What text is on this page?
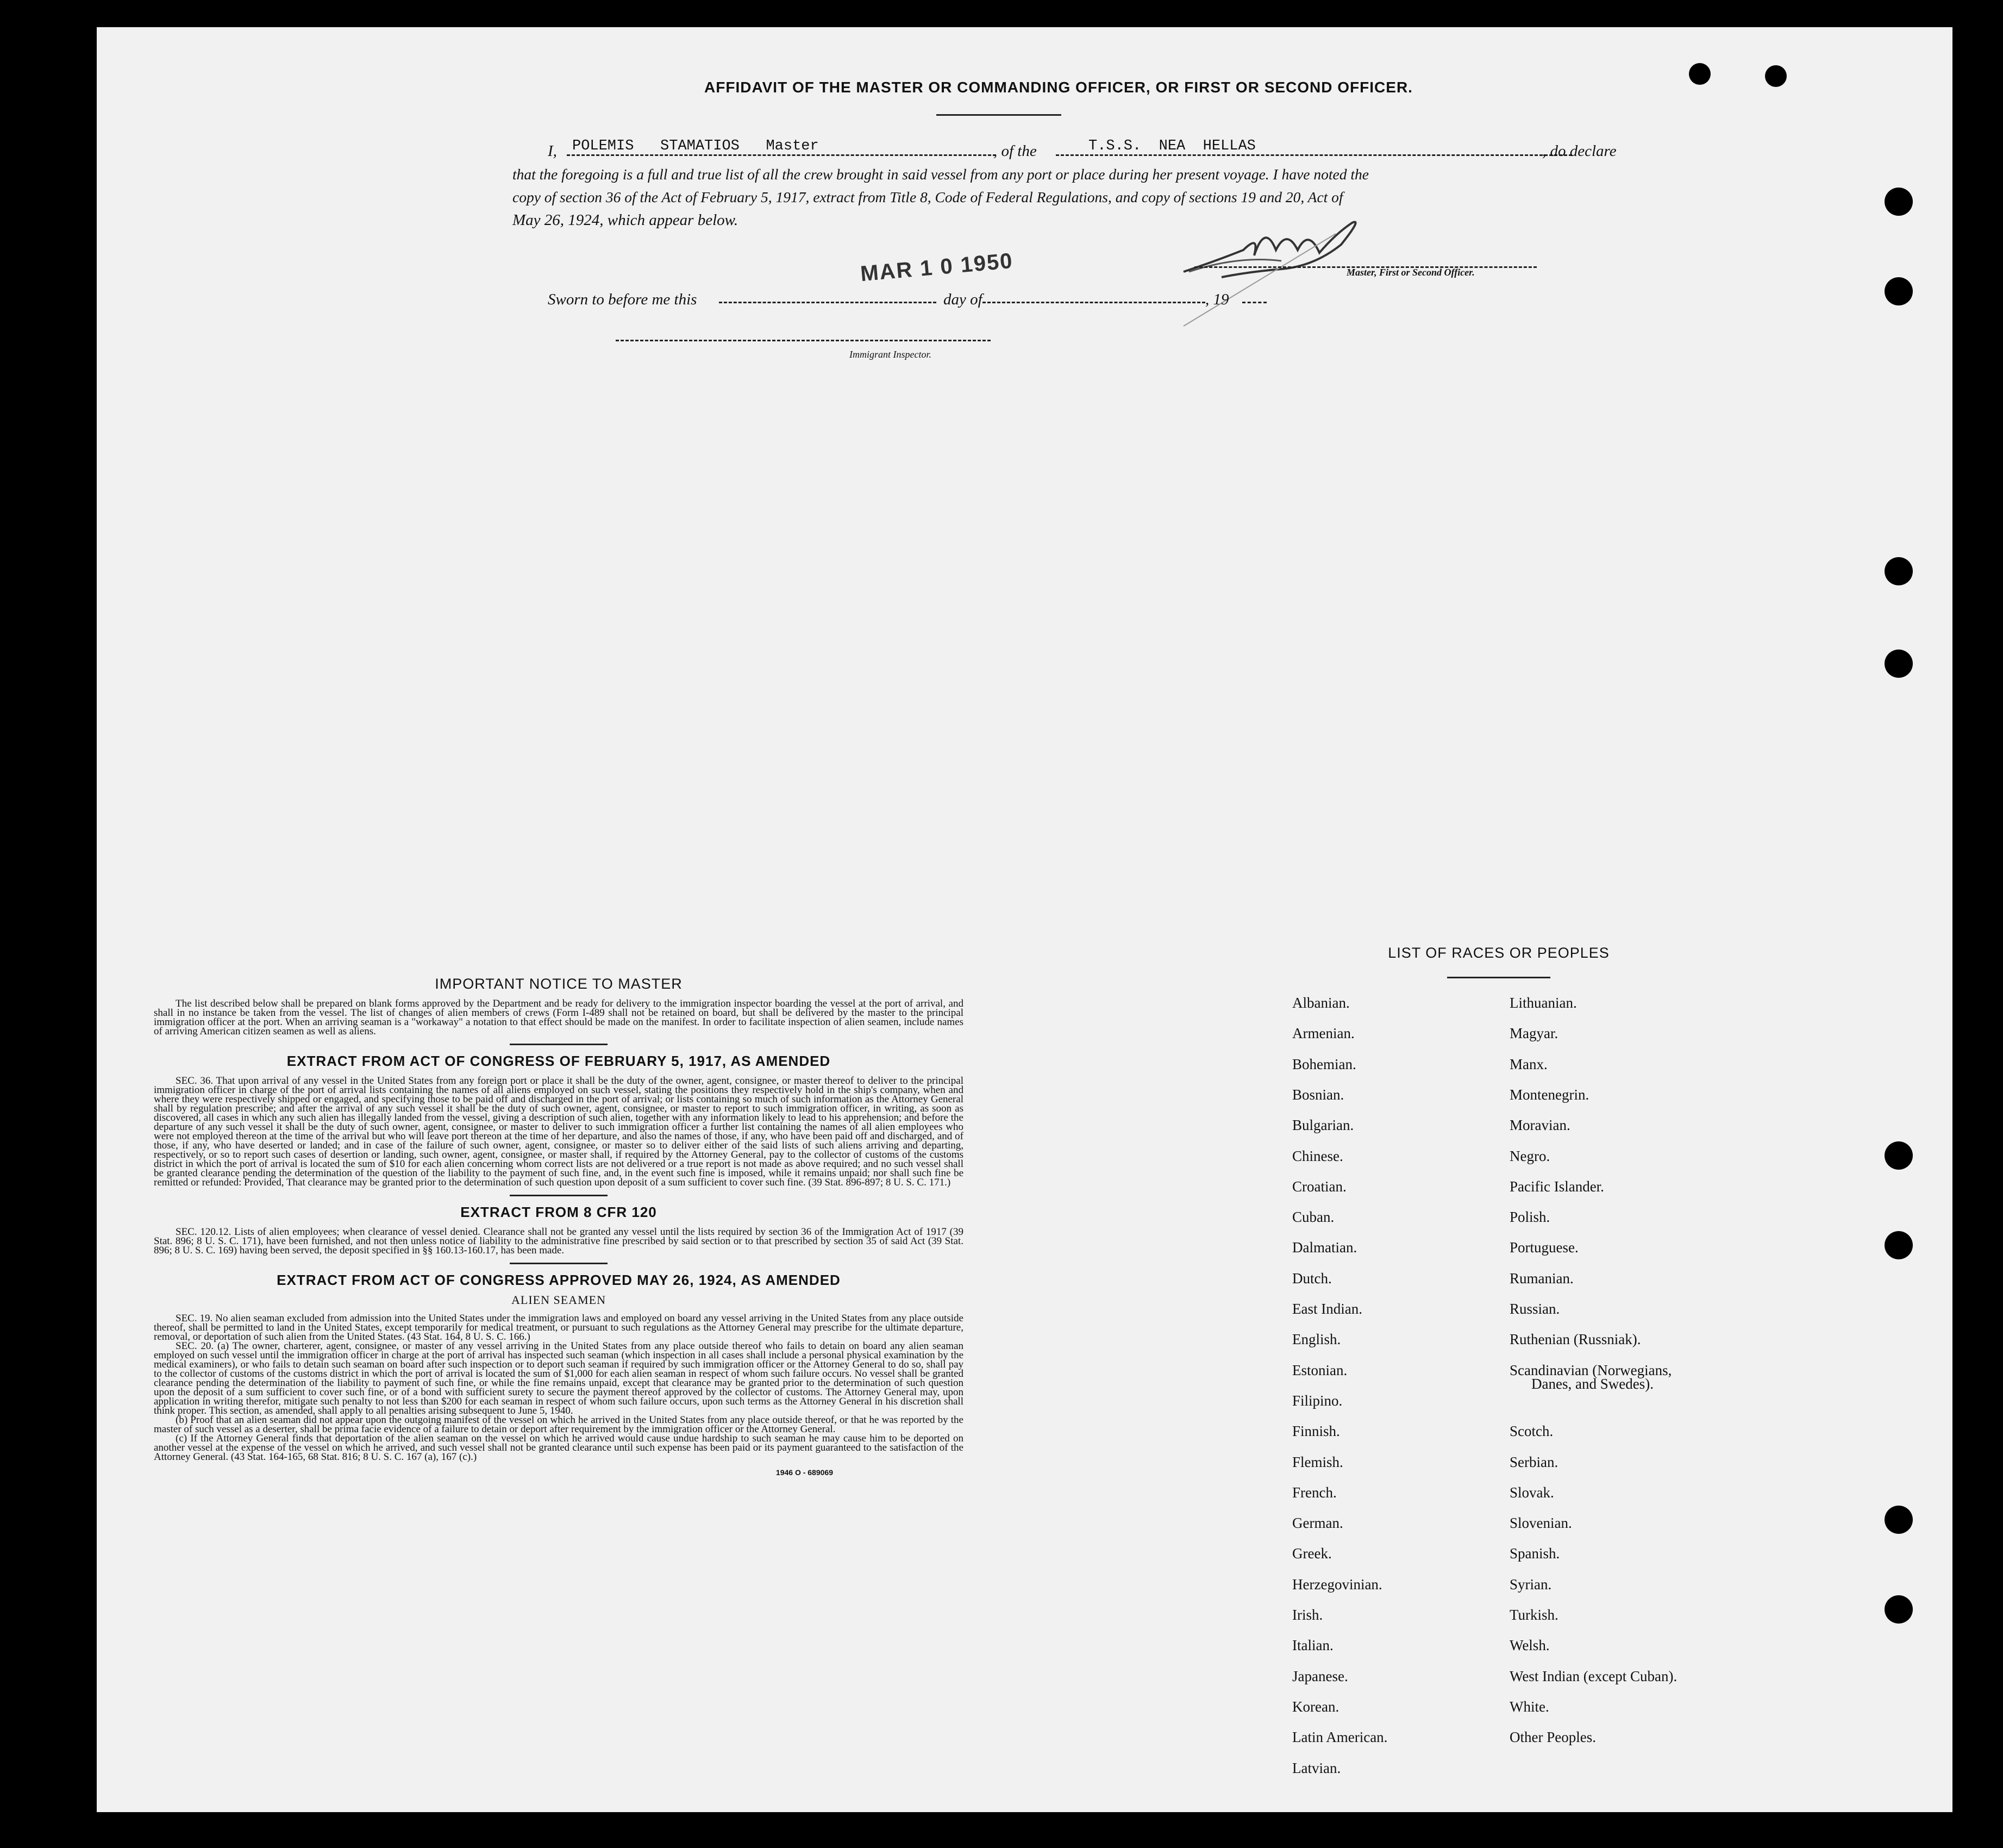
AFFIDAVIT OF THE MASTER OR COMMANDING OFFICER, OR FIRST OR SECOND OFFICER.
I,	POLEMIS   STAMATIOS   Master	, of the	T.S.S.  NEA  HELLAS	, do declare
that the foregoing is a full and true list of all the crew brought in said vessel from any port or place during her present voyage. I have noted the
copy of section 36 of the Act of February 5, 1917, extract from Title 8, Code of Federal Regulations, and copy of sections 19 and 20, Act of
May 26, 1924, which appear below.
Master, First or Second Officer.
MAR 1 0 1950
Sworn to before me this	day of	, 19
Immigrant Inspector.
IMPORTANT NOTICE TO MASTER

The list described below shall be prepared on blank forms approved by the Department and be ready for delivery to the immigration inspector boarding the vessel at the port of arrival, and shall in no instance be taken from the vessel. The list of changes of alien members of crews (Form I-489 shall not be retained on board, but shall be delivered by the master to the principal immigration officer at the port. When an arriving seaman is a "workaway" a notation to that effect should be made on the manifest. In order to facilitate inspection of alien seamen, include names of arriving American citizen seamen as well as aliens.

EXTRACT FROM ACT OF CONGRESS OF FEBRUARY 5, 1917, AS AMENDED

SEC. 36. That upon arrival of any vessel in the United States from any foreign port or place it shall be the duty of the owner, agent, consignee, or master thereof to deliver to the principal immigration officer in charge of the port of arrival lists containing the names of all aliens employed on such vessel, stating the positions they respectively hold in the ship's company, when and where they were respectively shipped or engaged, and specifying those to be paid off and discharged in the port of arrival; or lists containing so much of such information as the Attorney General shall by regulation prescribe; and after the arrival of any such vessel it shall be the duty of such owner, agent, consignee, or master to report to such immigration officer, in writing, as soon as discovered, all cases in which any such alien has illegally landed from the vessel, giving a description of such alien, together with any information likely to lead to his apprehension; and before the departure of any such vessel it shall be the duty of such owner, agent, consignee, or master to deliver to such immigration officer a further list containing the names of all alien employees who were not employed thereon at the time of the arrival but who will leave port thereon at the time of her departure, and also the names of those, if any, who have been paid off and discharged, and of those, if any, who have deserted or landed; and in case of the failure of such owner, agent, consignee, or master so to deliver either of the said lists of such aliens arriving and departing, respectively, or so to report such cases of desertion or landing, such owner, agent, consignee, or master shall, if required by the Attorney General, pay to the collector of customs of the customs district in which the port of arrival is located the sum of $10 for each alien concerning whom correct lists are not delivered or a true report is not made as above required; and no such vessel shall be granted clearance pending the determination of the question of the liability to the payment of such fine, and, in the event such fine is imposed, while it remains unpaid; nor shall such fine be remitted or refunded: Provided, That clearance may be granted prior to the determination of such question upon deposit of a sum sufficient to cover such fine. (39 Stat. 896-897; 8 U. S. C. 171.)

EXTRACT FROM 8 CFR 120

SEC. 120.12. Lists of alien employees; when clearance of vessel denied. Clearance shall not be granted any vessel until the lists required by section 36 of the Immigration Act of 1917 (39 Stat. 896; 8 U. S. C. 171), have been furnished, and not then unless notice of liability to the administrative fine prescribed by said section or to that prescribed by section 35 of said Act (39 Stat. 896; 8 U. S. C. 169) having been served, the deposit specified in §§ 160.13-160.17, has been made.

EXTRACT FROM ACT OF CONGRESS APPROVED MAY 26, 1924, AS AMENDED
ALIEN SEAMEN

SEC. 19. No alien seaman excluded from admission into the United States under the immigration laws and employed on board any vessel arriving in the United States from any place outside thereof, shall be permitted to land in the United States, except temporarily for medical treatment, or pursuant to such regulations as the Attorney General may prescribe for the ultimate departure, removal, or deportation of such alien from the United States. (43 Stat. 164, 8 U. S. C. 166.)

SEC. 20. (a) The owner, charterer, agent, consignee, or master of any vessel arriving in the United States from any place outside thereof who fails to detain on board any alien seaman employed on such vessel until the immigration officer in charge at the port of arrival has inspected such seaman (which inspection in all cases shall include a personal physical examination by the medical examiners), or who fails to detain such seaman on board after such inspection or to deport such seaman if required by such immigration officer or the Attorney General to do so, shall pay to the collector of customs of the customs district in which the port of arrival is located the sum of $1,000 for each alien seaman in respect of whom such failure occurs. No vessel shall be granted clearance pending the determination of the liability to payment of such fine, or while the fine remains unpaid, except that clearance may be granted prior to the determination of such question upon the deposit of a sum sufficient to cover such fine, or of a bond with sufficient surety to secure the payment thereof approved by the collector of customs. The Attorney General may, upon application in writing therefor, mitigate such penalty to not less than $200 for each seaman in respect of whom such failure occurs, upon such terms as the Attorney General in his discretion shall think proper. This section, as amended, shall apply to all penalties arising subsequent to June 5, 1940.

(b) Proof that an alien seaman did not appear upon the outgoing manifest of the vessel on which he arrived in the United States from any place outside thereof, or that he was reported by the master of such vessel as a deserter, shall be prima facie evidence of a failure to detain or deport after requirement by the immigration officer or the Attorney General.

(c) If the Attorney General finds that deportation of the alien seaman on the vessel on which he arrived would cause undue hardship to such seaman he may cause him to be deported on another vessel at the expense of the vessel on which he arrived, and such vessel shall not be granted clearance until such expense has been paid or its payment guaranteed to the satisfaction of the Attorney General. (43 Stat. 164-165, 68 Stat. 816; 8 U. S. C. 167 (a), 167 (c).)

1946 O - 689069
LIST OF RACES OR PEOPLES
Albanian.
Armenian.
Bohemian.
Bosnian.
Bulgarian.
Chinese.
Croatian.
Cuban.
Dalmatian.
Dutch.
East Indian.
English.
Estonian.
Filipino.
Finnish.
Flemish.
French.
German.
Greek.
Herzegovinian.
Irish.
Italian.
Japanese.
Korean.
Latin American.
Latvian.
Lithuanian.
Magyar.
Manx.
Montenegrin.
Moravian.
Negro.
Pacific Islander.
Polish.
Portuguese.
Rumanian.
Russian.
Ruthenian (Russniak).
Scandinavian (Norwegians,
Danes, and Swedes).
Scotch.
Serbian.
Slovak.
Slovenian.
Spanish.
Syrian.
Turkish.
Welsh.
West Indian (except Cuban).
White.
Other Peoples.
